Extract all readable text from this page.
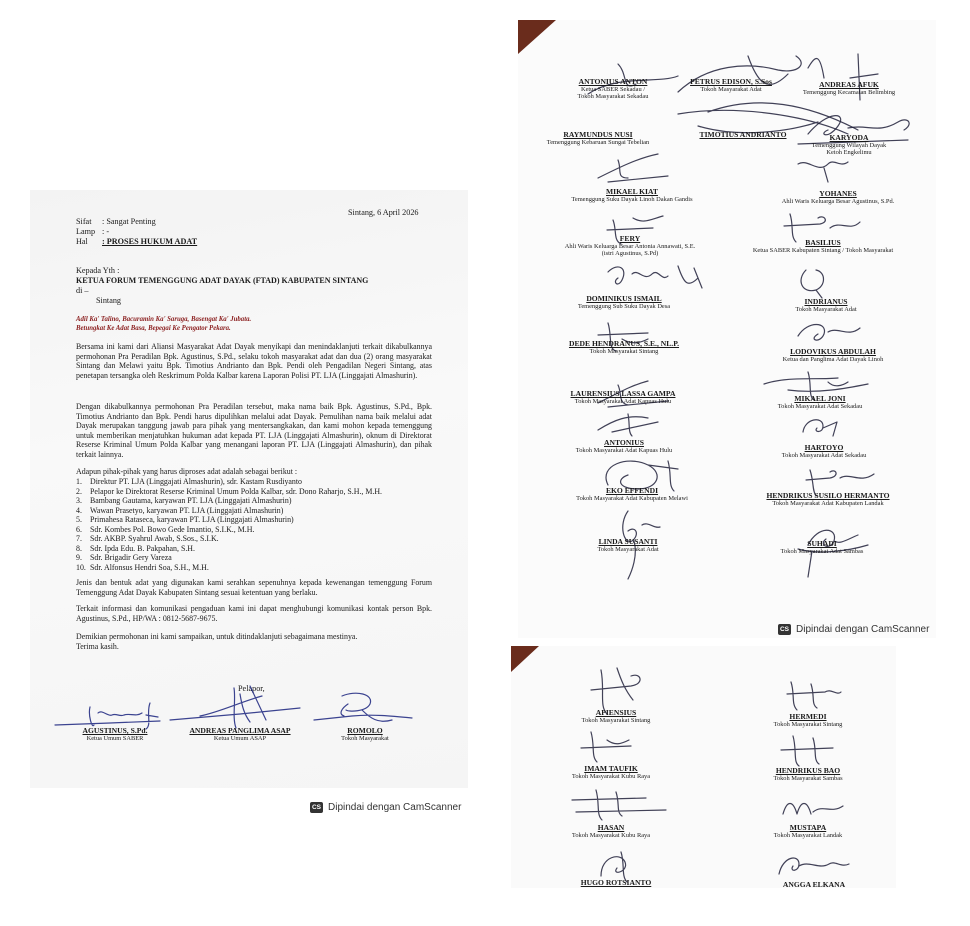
Sintang, 6 April 2026
Sifat : Sangat Penting
Lamp : -
Hal : PROSES HUKUM ADAT
Kepada Yth :
KETUA FORUM TEMENGGUNG ADAT DAYAK (FTAD) KABUPATEN SINTANG
di –
Sintang
Adil Ka' Talino, Bacuramin Ka' Saruga, Basengat Ka' Jubata.
Betungkat Ke Adat Basa, Bepegai Ke Pengator Pekara.
Bersama ini kami dari Aliansi Masyarakat Adat Dayak menyikapi dan menindaklanjuti terkait dikabulkannya permohonan Pra Peradilan Bpk. Agustinus, S.Pd., selaku tokoh masyarakat adat dan dua (2) orang masyarakat Sintang dan Melawi yaitu Bpk. Timotius Andrianto dan Bpk. Pendi oleh Pengadilan Negeri Sintang, atas penetapan tersangka oleh Reskrimum Polda Kalbar karena Laporan Polisi PT. LJA (Linggajati Almashurin).
Dengan dikabulkannya permohonan Pra Peradilan tersebut, maka nama baik Bpk. Agustinus, S.Pd., Bpk. Timotius Andrianto dan Bpk. Pendi harus dipulihkan melalui adat Dayak. Pemulihan nama baik melalui adat Dayak merupakan tanggung jawab para pihak yang mentersangkakan, dan kami mohon kepada temenggung untuk memberikan menjatuhkan hukuman adat kepada PT. LJA (Linggajati Almashurin), oknum di Direktorat Reserse Kriminal Umum Polda Kalbar yang menangani laporan PT. LJA (Linggajati Almashurin), dan pihak terkait lainnya.
Adapun pihak-pihak yang harus diproses adat adalah sebagai berikut :
1. Direktur PT. LJA (Linggajati Almashurin), sdr. Kastam Rusdiyanto
2. Pelapor ke Direktorat Reserse Kriminal Umum Polda Kalbar, sdr. Dono Raharjo, S.H., M.H.
3. Bambang Gautama, karyawan PT. LJA (Linggajati Almashurin)
4. Wawan Prasetyo, karyawan PT. LJA (Linggajati Almashurin)
5. Primahesa Rataseca, karyawan PT. LJA (Linggajati Almashurin)
6. Sdr. Kombes Pol. Bowo Gede Imantio, S.I.K., M.H.
7. Sdr. AKBP. Syahrul Awab, S.Sos., S.I.K.
8. Sdr. Ipda Edu. B. Pakpahan, S.H.
9. Sdr. Brigadir Gery Vareza
10. Sdr. Alfonsus Hendri Soa, S.H., M.H.
Jenis dan bentuk adat yang digunakan kami serahkan sepenuhnya kepada kewenangan temenggung Forum Temenggung Adat Dayak Kabupaten Sintang sesuai ketentuan yang berlaku.
Terkait informasi dan komunikasi pengaduan kami ini dapat menghubungi komunikasi kontak person Bpk. Agustinus, S.Pd., HP/WA : 0812-5687-9675.
Demikian permohonan ini kami sampaikan, untuk ditindaklanjuti sebagaimana mestinya.
Terima kasih.
Pelapor,
AGUSTINUS, S.Pd.
Ketua Umum SABER
ANDREAS PANGLIMA ASAP
Ketua Umum ASAP
ROMOLO
Tokoh Masyarakat
CS Dipindai dengan CamScanner
ANTONIUS ANTON
Ketua SABER Sekadau /
Tokoh Masyarakat Sekadau
PETRUS EDISON, S.Sos
Tokoh Masyarakat Adat
ANDREAS AFUK
Temenggung Kecamatan Belimbing
RAYMUNDUS NUSI
Temenggung Kebaruan Sungai Tebelian
TIMOTIUS ANDRIANTO	KARYODA
Temenggung Wilayah Dayak
Ketoh Engkelimu
MIKAEL KIAT
Temenggung Suku Dayak Linoh Dakan Gandis
FERY
Ahli Waris Keluarga Besar Antonia Annawati, S.E.
(istri Agustinus, S.Pd)
DOMINIKUS ISMAIL
Temenggung Sub Suku Dayak Desa
DEDE HENDRANUS, S.E., NL.P.
Tokoh Masyarakat Sintang
LAURENSIUS LASSA GAMPA
Tokoh Masyarakat Adat Kapuas Hulu
ANTONIUS
Tokoh Masyarakat Adat Kapuas Hulu
EKO EFFENDI
Tokoh Masyarakat Adat Kabupaten Melawi
LINDA SUSANTI
Tokoh Masyarakat Adat
YOHANES
Ahli Waris Keluarga Besar Agustinus, S.Pd.
BASILIUS
Ketua SABER Kabupaten Sintang / Tokoh Masyarakat
INDRIANUS
Tokoh Masyarakat Adat
LODOVIKUS ABDULAH
Ketua dan Panglima Adat Dayak Linoh
MIKAEL JONI
Tokoh Masyarakat Adat Sekadau
HARTOYO
Tokoh Masyarakat Adat Sekadau
HENDRIKUS SUSILO HERMANTO
Tokoh Masyarakat Adat Kabupaten Landak
SUHADI
Tokoh Masyarakat Adat Sambas
CS Dipindai dengan CamScanner
APIENSIUS
Tokoh Masyarakat Sintang	HERMEDI
Tokoh Masyarakat Sintang
IMAM TAUFIK
Tokoh Masyarakat Kubu Raya
HENDRIKUS BAO
Tokoh Masyarakat Sambas
HASAN
Tokoh Masyarakat Kubu Raya
MUSTAPA
Tokoh Masyarakat Landak
HUGO ROTSIANTO	ANGGA ELKANA
